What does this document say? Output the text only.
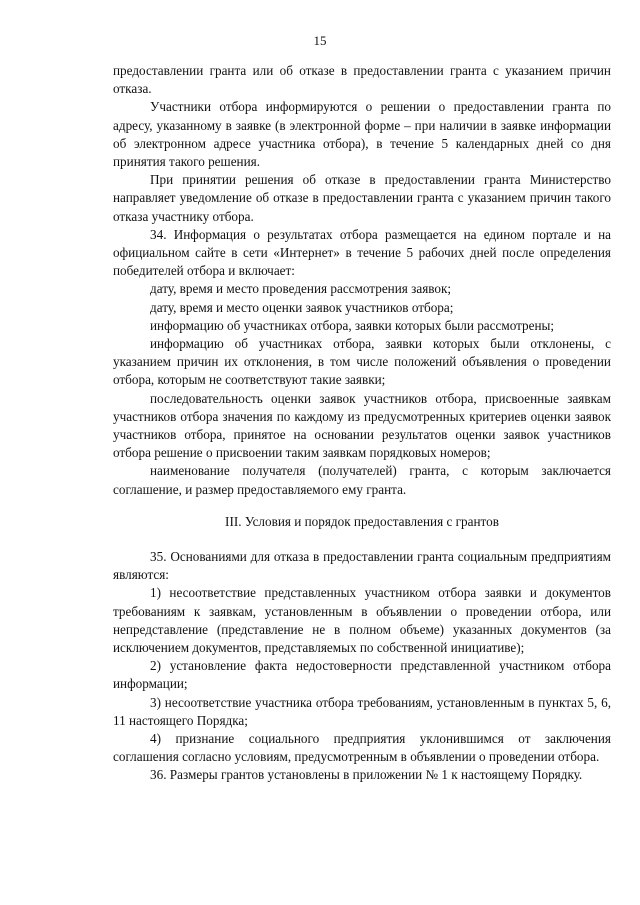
15

предоставлении гранта или об отказе в предоставлении гранта с указанием причин отказа.

Участники отбора информируются о решении о предоставлении гранта по адресу, указанному в заявке (в электронной форме – при наличии в заявке информации об электронном адресе участника отбора), в течение 5 календарных дней со дня принятия такого решения.

При принятии решения об отказе в предоставлении гранта Министерство направляет уведомление об отказе в предоставлении гранта с указанием причин такого отказа участнику отбора.

34. Информация о результатах отбора размещается на едином портале и на официальном сайте в сети «Интернет» в течение 5 рабочих дней после определения победителей отбора и включает:

дату, время и место проведения рассмотрения заявок;

дату, время и место оценки заявок участников отбора;

информацию об участниках отбора, заявки которых были рассмотрены;

информацию об участниках отбора, заявки которых были отклонены, с указанием причин их отклонения, в том числе положений объявления о проведении отбора, которым не соответствуют такие заявки;

последовательность оценки заявок участников отбора, присвоенные заявкам участников отбора значения по каждому из предусмотренных критериев оценки заявок участников отбора, принятое на основании результатов оценки заявок участников отбора решение о присвоении таким заявкам порядковых номеров;

наименование получателя (получателей) гранта, с которым заключается соглашение, и размер предоставляемого ему гранта.

III. Условия и порядок предоставления с грантов

35. Основаниями для отказа в предоставлении гранта социальным предприятиям являются:

1) несоответствие представленных участником отбора заявки и документов требованиям к заявкам, установленным в объявлении о проведении отбора, или непредставление (представление не в полном объеме) указанных документов (за исключением документов, представляемых по собственной инициативе);

2) установление факта недостоверности представленной участником отбора информации;

3) несоответствие участника отбора требованиям, установленным в пунктах 5, 6, 11 настоящего Порядка;

4) признание социального предприятия уклонившимся от заключения соглашения согласно условиям, предусмотренным в объявлении о проведении отбора.

36. Размеры грантов установлены в приложении № 1 к настоящему Порядку.
